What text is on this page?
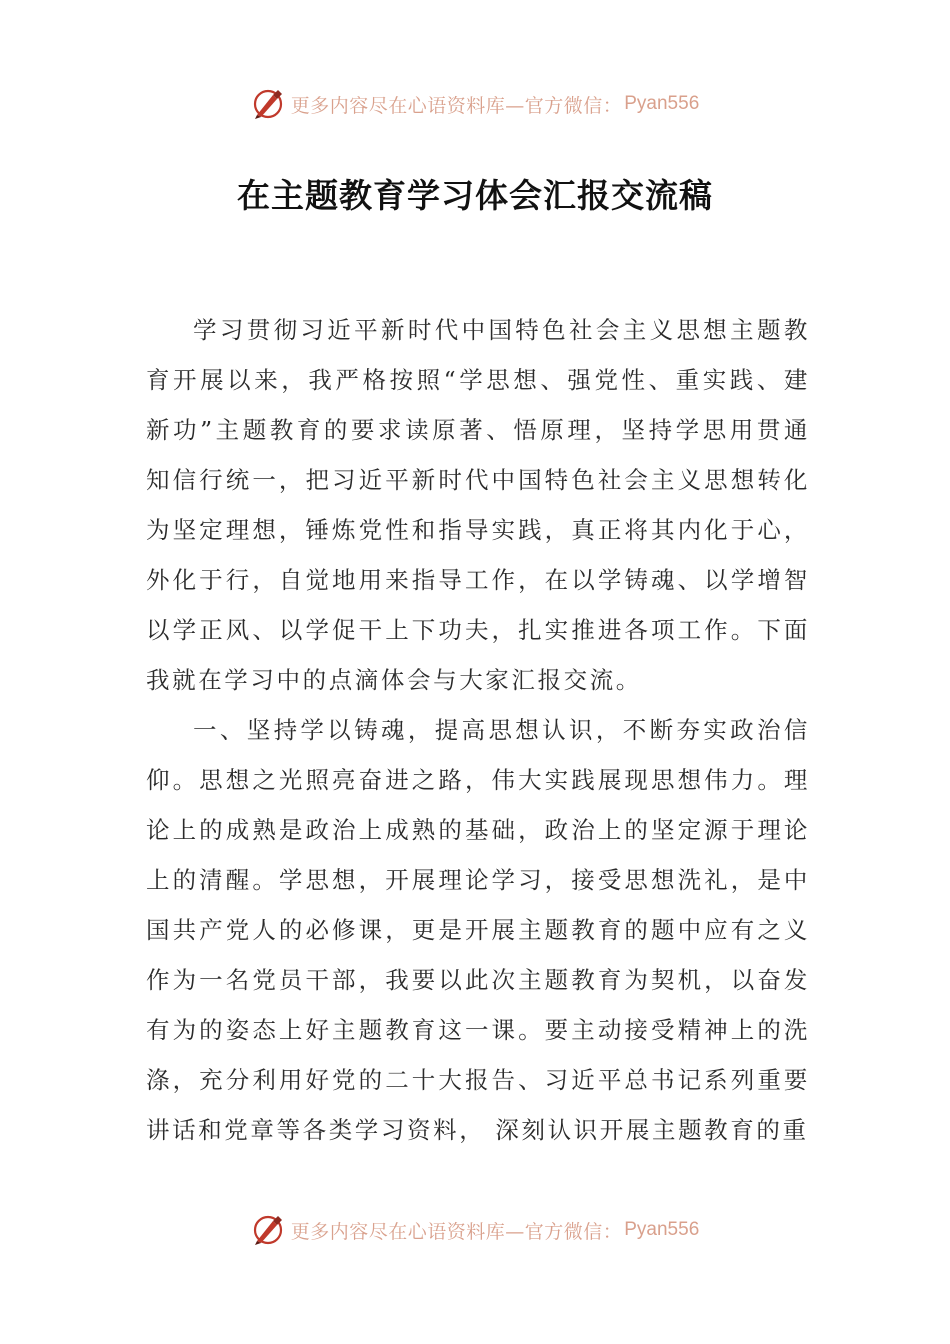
更多内容尽在心语资料库—官方微信： Pyan556
在主题教育学习体会汇报交流稿

学习贯彻习近平新时代中国特色社会主义思想主题教育开展以来，我严格按照“学思想、强党性、重实践、建新功”主题教育的要求读原著、悟原理，坚持学思用贯通知信行统一，把习近平新时代中国特色社会主义思想转化为坚定理想，锤炼党性和指导实践，真正将其内化于心，外化于行，自觉地用来指导工作，在以学铸魂、以学增智以学正风、以学促干上下功夫，扎实推进各项工作。下面我就在学习中的点滴体会与大家汇报交流。

一、坚持学以铸魂，提高思想认识，不断夯实政治信仰。思想之光照亮奋进之路，伟大实践展现思想伟力。理论上的成熟是政治上成熟的基础，政治上的坚定源于理论上的清醒。学思想，开展理论学习，接受思想洗礼，是中国共产党人的必修课，更是开展主题教育的题中应有之义作为一名党员干部，我要以此次主题教育为契机，以奋发有为的姿态上好主题教育这一课。要主动接受精神上的洗涤，充分利用好党的二十大报告、习近平总书记系列重要讲话和党章等各类学习资料， 深刻认识开展主题教育的重

更多内容尽在心语资料库—官方微信： Pyan556
